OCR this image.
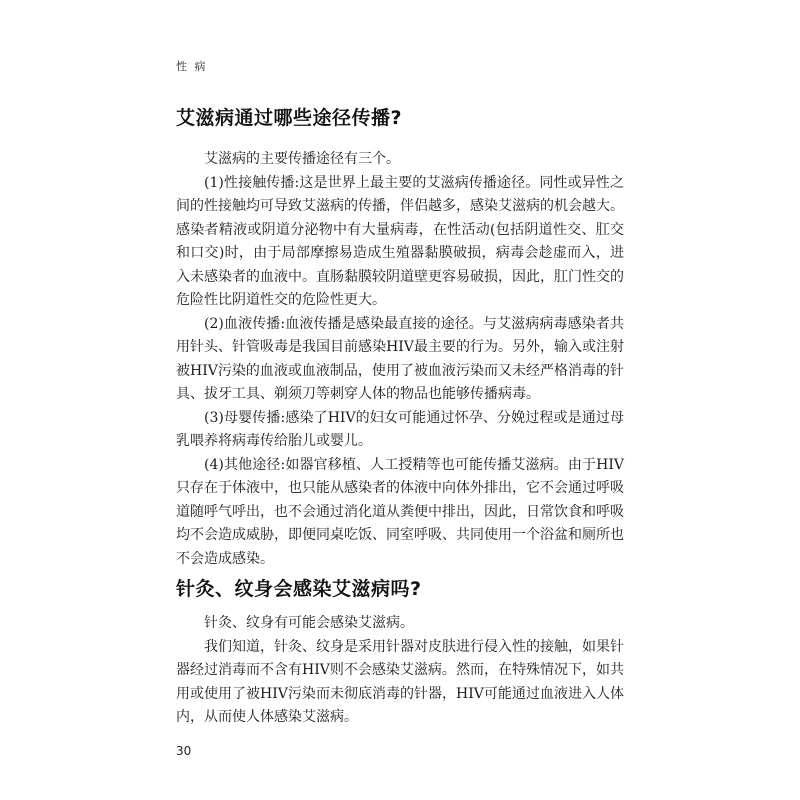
性 病
艾滋病通过哪些途径传播?

艾滋病的主要传播途径有三个。

(1)性接触传播:这是世界上最主要的艾滋病传播途径。同性或异性之间的性接触均可导致艾滋病的传播，伴侣越多，感染艾滋病的机会越大。感染者精液或阴道分泌物中有大量病毒，在性活动(包括阴道性交、肛交和口交)时，由于局部摩擦易造成生殖器黏膜破损，病毒会趁虚而入，进入未感染者的血液中。直肠黏膜较阴道壁更容易破损，因此，肛门性交的危险性比阴道性交的危险性更大。

(2)血液传播:血液传播是感染最直接的途径。与艾滋病病毒感染者共用针头、针管吸毒是我国目前感染HIV最主要的行为。另外，输入或注射被HIV污染的血液或血液制品，使用了被血液污染而又未经严格消毒的针具、拔牙工具、剃须刀等刺穿人体的物品也能够传播病毒。

(3)母婴传播:感染了HIV的妇女可能通过怀孕、分娩过程或是通过母乳喂养将病毒传给胎儿或婴儿。

(4)其他途径:如器官移植、人工授精等也可能传播艾滋病。由于HIV只存在于体液中，也只能从感染者的体液中向体外排出，它不会通过呼吸道随呼气呼出，也不会通过消化道从粪便中排出，因此，日常饮食和呼吸均不会造成威胁，即便同桌吃饭、同室呼吸、共同使用一个浴盆和厕所也不会造成感染。

针灸、纹身会感染艾滋病吗?

针灸、纹身有可能会感染艾滋病。

我们知道，针灸、纹身是采用针器对皮肤进行侵入性的接触，如果针器经过消毒而不含有HIV则不会感染艾滋病。然而，在特殊情况下，如共用或使用了被HIV污染而未彻底消毒的针器，HIV可能通过血液进入人体内，从而使人体感染艾滋病。

30
